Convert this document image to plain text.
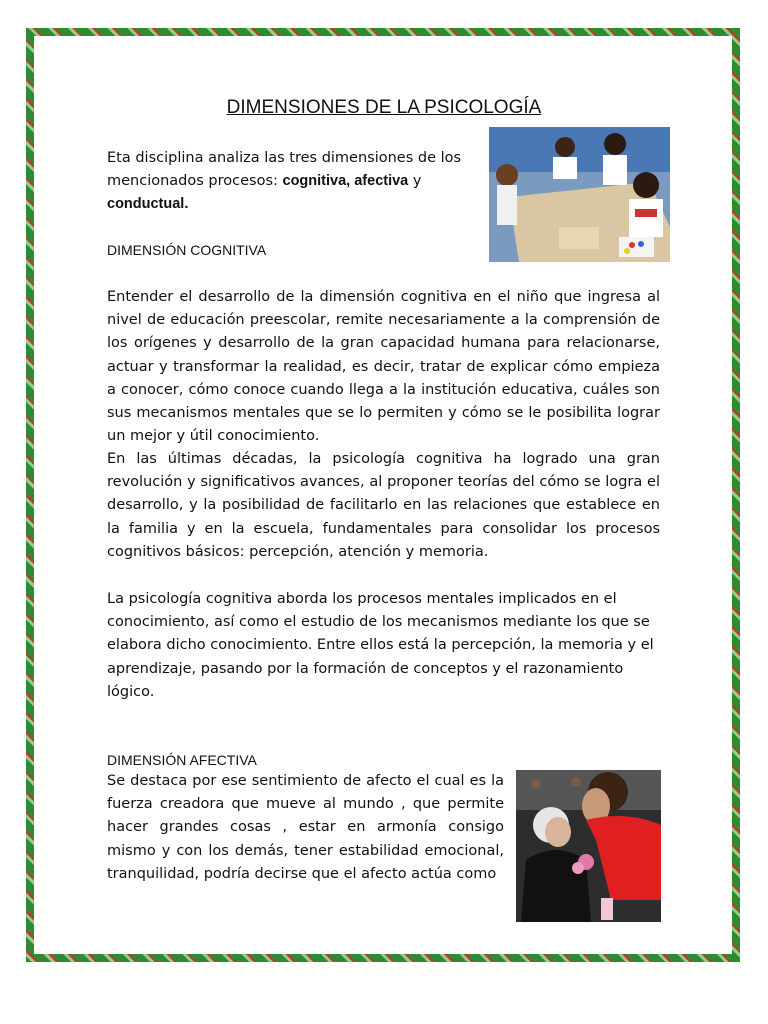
DIMENSIONES DE LA PSICOLOGÍA

Eta disciplina analiza las tres dimensiones de los mencionados procesos: cognitiva, afectiva y conductual.

DIMENSIÓN COGNITIVA

Entender el desarrollo de la dimensión cognitiva en el niño que ingresa al nivel de educación preescolar, remite necesariamente a la comprensión de los orígenes y desarrollo de la gran capacidad humana para relacionarse, actuar y transformar la realidad, es decir, tratar de explicar cómo empieza a conocer, cómo conoce cuando llega a la institución educativa, cuáles son sus mecanismos mentales que se lo permiten y cómo se le posibilita lograr un mejor y útil conocimiento.

En las últimas décadas, la psicología cognitiva ha logrado una gran revolución y significativos avances, al proponer teorías del cómo se logra el desarrollo, y la posibilidad de facilitarlo en las relaciones que establece en la familia y en la escuela, fundamentales para consolidar los procesos cognitivos básicos: percepción, atención y memoria.

La psicología cognitiva aborda los procesos mentales implicados en el conocimiento, así como el estudio de los mecanismos mediante los que se elabora dicho conocimiento. Entre ellos está la percepción, la memoria y el aprendizaje, pasando por la formación de conceptos y el razonamiento lógico.

DIMENSIÓN AFECTIVA

Se destaca por ese sentimiento de afecto el cual es la fuerza creadora que mueve al mundo , que permite hacer grandes cosas , estar en armonía consigo mismo y con los demás, tener estabilidad emocional, tranquilidad, podría decirse que el afecto actúa como
